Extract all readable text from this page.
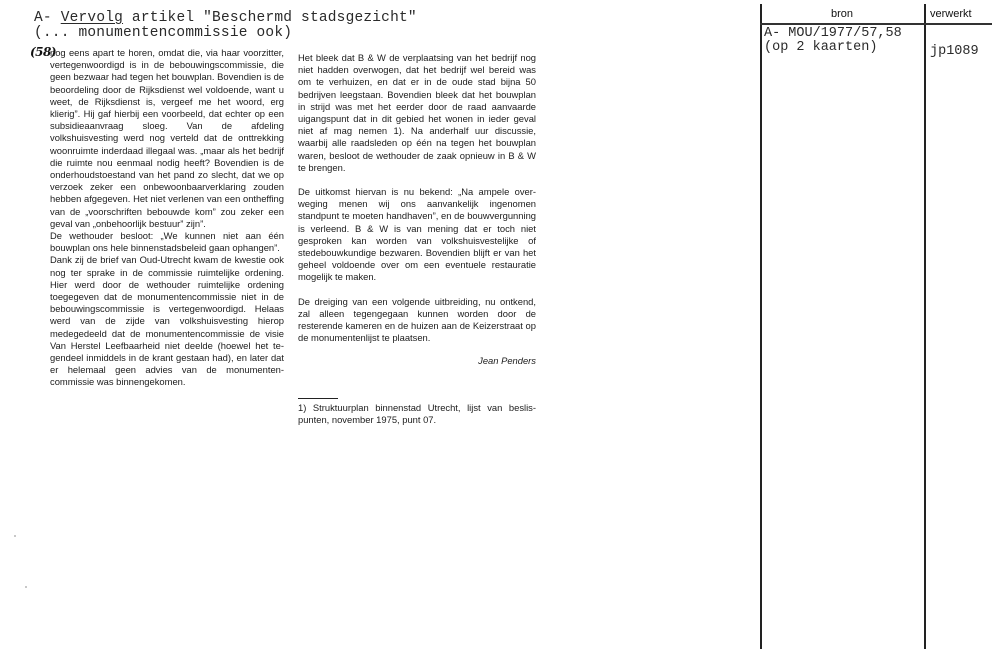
A- Vervolg artikel "Beschermd stadsgezicht"
(... monumentencommissie ook)
(58)

nog eens apart te horen, omdat die, via haar voorzitter, vertegenwoordigd is in de bebouwingscommissie, die geen bezwaar had tegen het bouwplan. Bovendien is de beoordeling door de Rijksdienst wel voldoende, want u weet, de Rijksdienst is, vergeef me het woord, erg klierig”. Hij gaf hierbij een voorbeeld, dat echter op een subsidieaanvraag sloeg. Van de afdeling volkshuisvesting werd nog verteld dat de onttrekking woonruimte inderdaad illegaal was. „maar als het bedrijf die ruimte nou eenmaal nodig heeft? Bovendien is de onderhoudstoestand van het pand zo slecht, dat we op verzoek zeker een onbewoonbaarverklaring zouden hebben afgegeven. Het niet verlenen van een ontheffing van de „voorschriften bebouwde kom” zou zeker een geval van „onbehoorlijk bestuur” zijn”.

De wethouder besloot: „We kunnen niet aan één bouwplan ons hele binnenstadsbeleid gaan ophangen”.

Dank zij de brief van Oud-Utrecht kwam de kwestie ook nog ter sprake in de commissie ruimtelijke ordening. Hier werd door de wethouder ruimtelijke ordening toegegeven dat de monumentencommissie niet in de bebouwingscommissie is vertegenwoordigd. Helaas werd van de zijde van volkshuisvesting hierop medegedeeld dat de monumentencommissie de visie Van Herstel Leefbaarheid niet deelde (hoewel het tegendeel inmiddels in de krant gestaan had), en later dat er helemaal geen advies van de monumentencommissie was binnengekomen.

Het bleek dat B & W de verplaatsing van het bedrijf nog niet hadden overwogen, dat het bedrijf wel bereid was om te verhuizen, en dat er in de oude stad bijna 50 bedrijven leegstaan. Bovendien bleek dat het bouwplan in strijd was met het eerder door de raad aanvaarde uigangspunt dat in dit gebied het wonen in ieder geval niet af mag nemen 1). Na anderhalf uur discussie, waarbij alle raadsleden op één na tegen het bouwplan waren, besloot de wethouder de zaak opnieuw in B & W te brengen.

De uitkomst hiervan is nu bekend: „Na ampele overweging menen wij ons aanvankelijk ingenomen standpunt te moeten handhaven”, en de bouwvergunning is verleend. B & W is van mening dat er toch niet gesproken kan worden van volkshuisvestelijke of stedebouwkundige bezwaren. Bovendien blijft er van het geheel voldoende over om een eventuele restauratie mogelijk te maken.

De dreiging van een volgende uitbreiding, nu ontkend, zal alleen tegengegaan kunnen worden door de resterende kameren en de huizen aan de Keizerstraat op de monumentenlijst te plaatsen.

Jean Penders

1) Struktuurplan binnenstad Utrecht, lijst van beslispunten, november 1975, punt 07.

bron	verwerkt
A- MOU/1977/57,58
(op 2 kaarten)	jp1089
